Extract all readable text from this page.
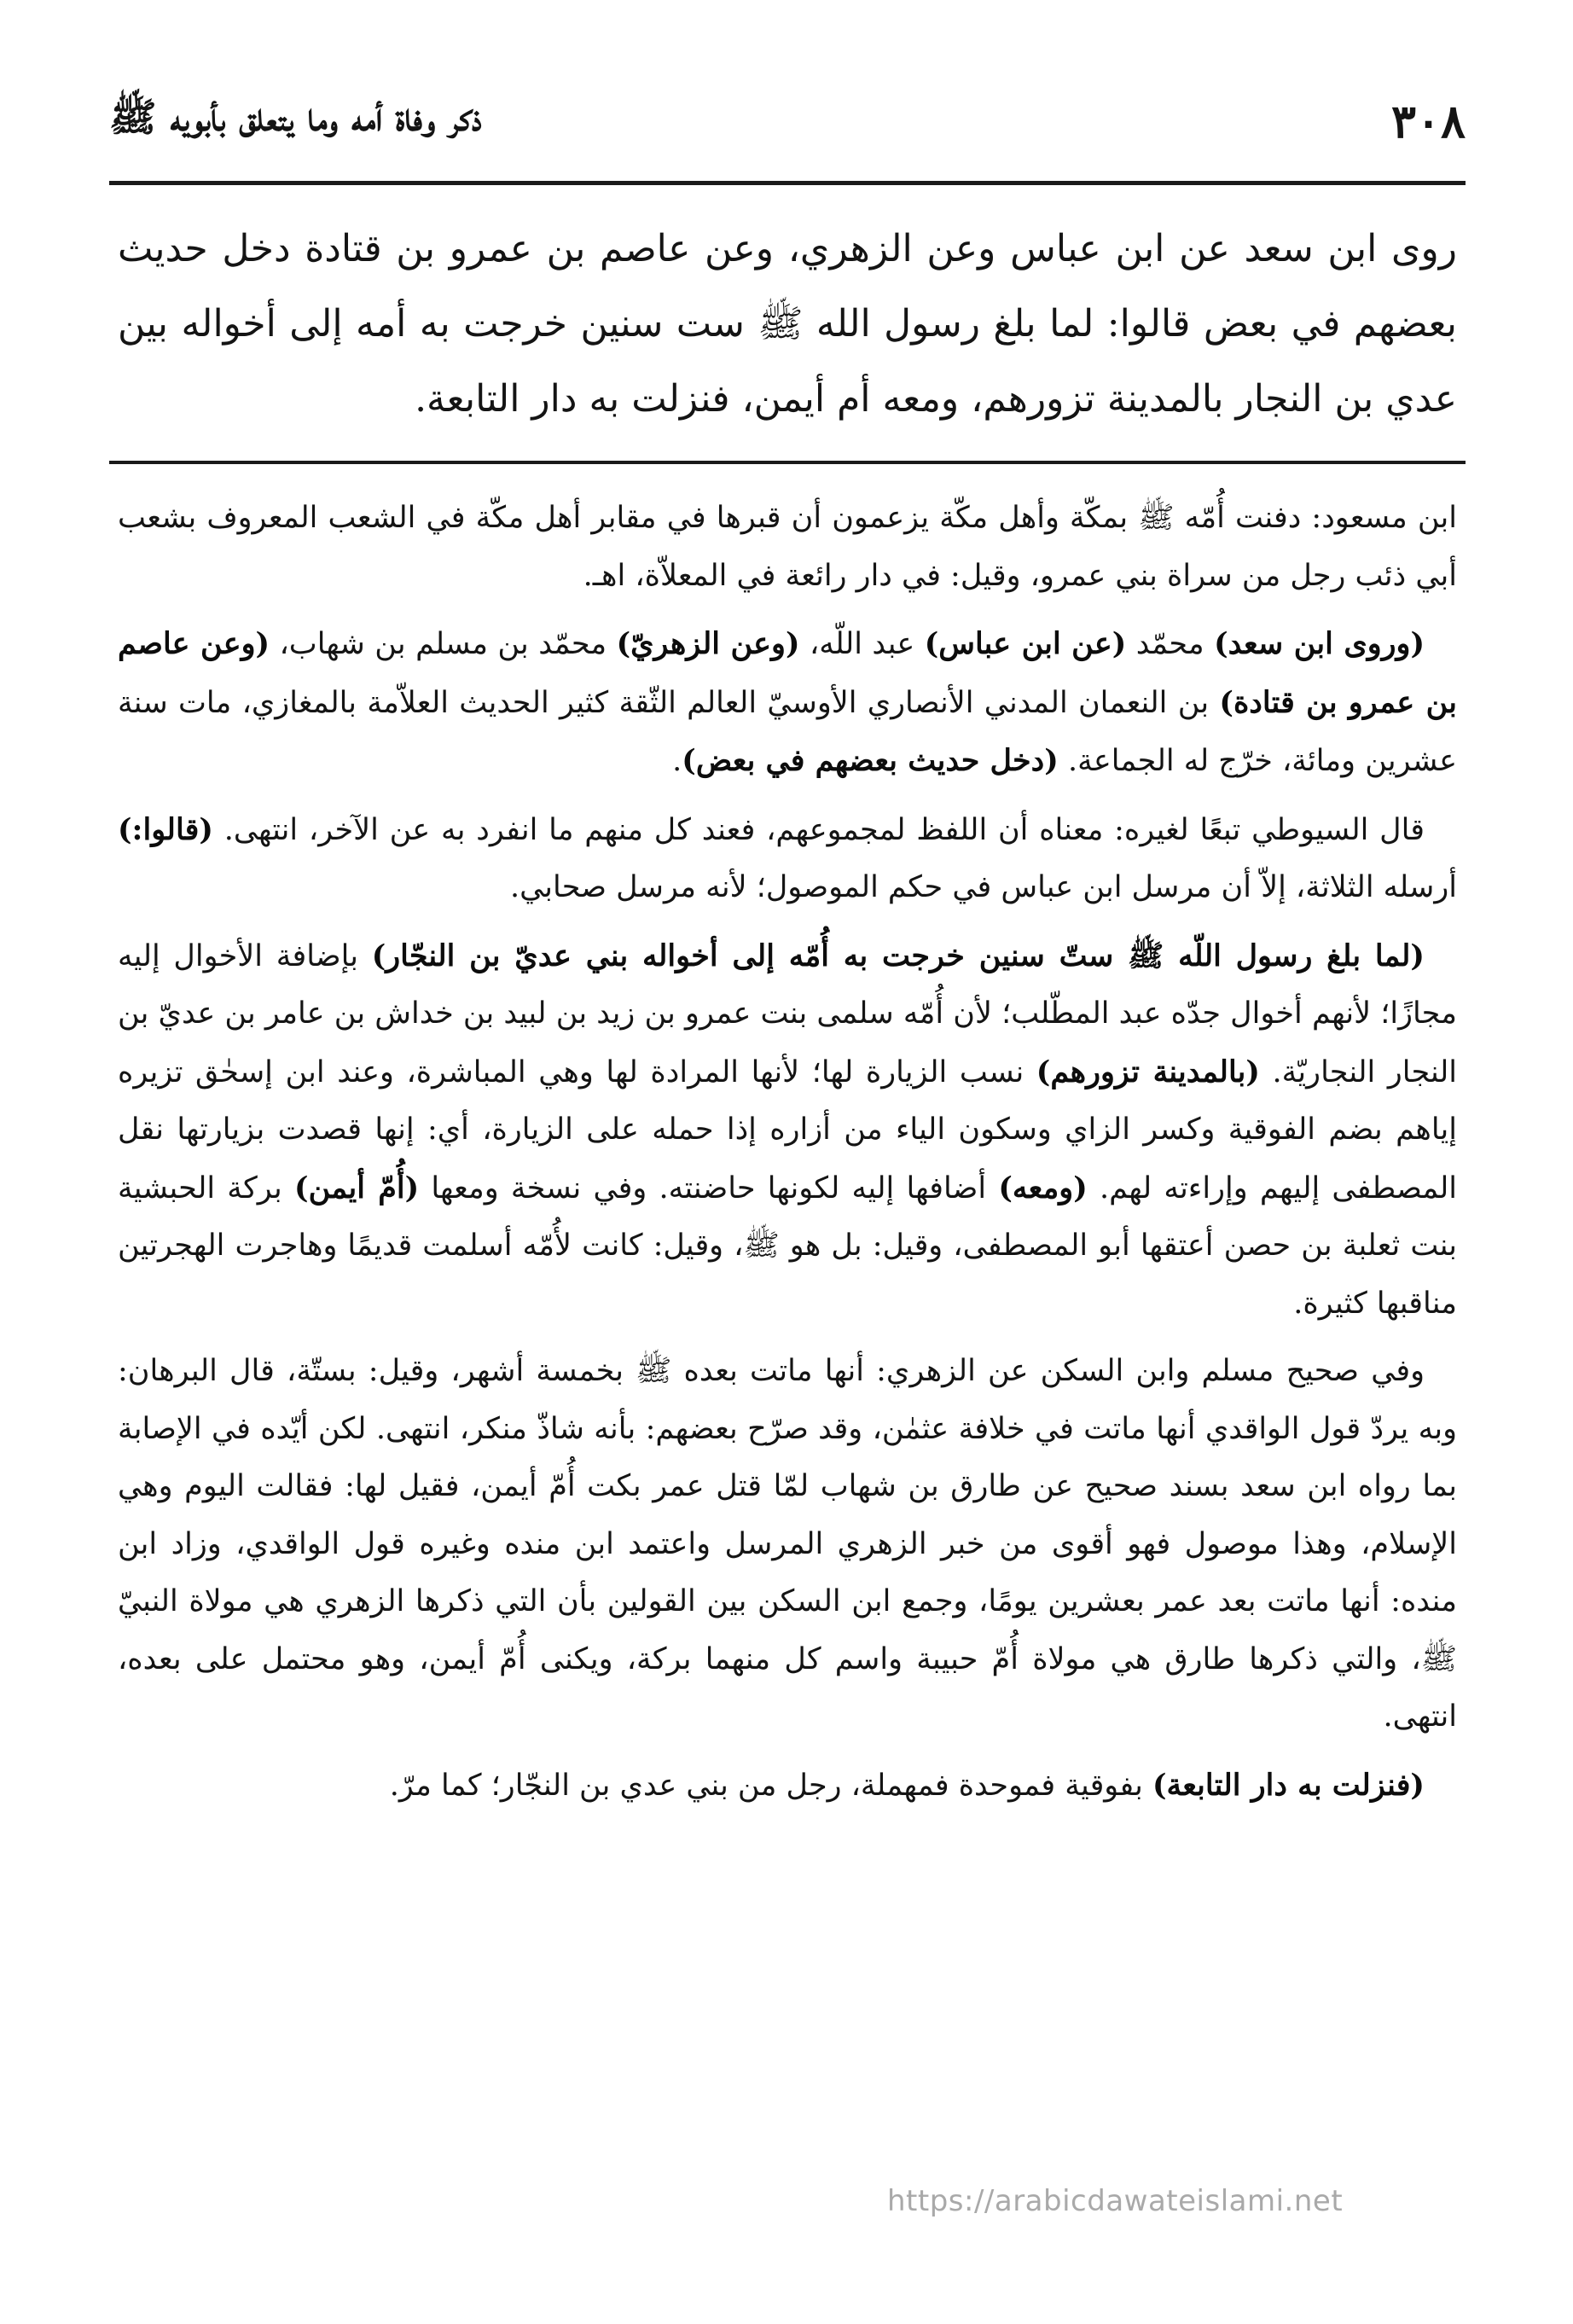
٣٠٨
ذكر وفاة أمه وما يتعلق بأبويه ﷺ

روى ابن سعد عن ابن عباس وعن الزهري، وعن عاصم بن عمرو بن قتادة دخل حديث بعضهم في بعض قالوا: لما بلغ رسول الله ﷺ ست سنين خرجت به أمه إلى أخواله بين عدي بن النجار بالمدينة تزورهم، ومعه أم أيمن، فنزلت به دار التابعة.

ابن مسعود: دفنت أُمّه ﷺ بمكّة وأهل مكّة يزعمون أن قبرها في مقابر أهل مكّة في الشعب المعروف بشعب أبي ذئب رجل من سراة بني عمرو، وقيل: في دار رائعة في المعلاّة، اهـ.

(وروى ابن سعد) محمّد (عن ابن عباس) عبد اللّه، (وعن الزهريّ) محمّد بن مسلم بن شهاب، (وعن عاصم بن عمرو بن قتادة) بن النعمان المدني الأنصاري الأوسيّ العالم الثّقة كثير الحديث العلاّمة بالمغازي، مات سنة عشرين ومائة، خرّج له الجماعة. (دخل حديث بعضهم في بعض).

قال السيوطي تبعًا لغيره: معناه أن اللفظ لمجموعهم، فعند كل منهم ما انفرد به عن الآخر، انتهى. (قالوا:) أرسله الثلاثة، إلاّ أن مرسل ابن عباس في حكم الموصول؛ لأنه مرسل صحابي.

(لما بلغ رسول اللّه ﷺ ستّ سنين خرجت به أُمّه إلى أخواله بني عديّ بن النجّار) بإضافة الأخوال إليه مجازًا؛ لأنهم أخوال جدّه عبد المطّلب؛ لأن أُمّه سلمى بنت عمرو بن زيد بن لبيد بن خداش بن عامر بن عديّ بن النجار النجاريّة. (بالمدينة تزورهم) نسب الزيارة لها؛ لأنها المرادة لها وهي المباشرة، وعند ابن إسحٰق تزيره إياهم بضم الفوقية وكسر الزاي وسكون الياء من أزاره إذا حمله على الزيارة، أي: إنها قصدت بزيارتها نقل المصطفى إليهم وإراءته لهم. (ومعه) أضافها إليه لكونها حاضنته. وفي نسخة ومعها (أُمّ أيمن) بركة الحبشية بنت ثعلبة بن حصن أعتقها أبو المصطفى، وقيل: بل هو ﷺ، وقيل: كانت لأُمّه أسلمت قديمًا وهاجرت الهجرتين مناقبها كثيرة.

وفي صحيح مسلم وابن السكن عن الزهري: أنها ماتت بعده ﷺ بخمسة أشهر، وقيل: بستّة، قال البرهان: وبه يردّ قول الواقدي أنها ماتت في خلافة عثمٰن، وقد صرّح بعضهم: بأنه شاذّ منكر، انتهى. لكن أيّده في الإصابة بما رواه ابن سعد بسند صحيح عن طارق بن شهاب لمّا قتل عمر بكت أُمّ أيمن، فقيل لها: فقالت اليوم وهي الإسلام، وهذا موصول فهو أقوى من خبر الزهري المرسل واعتمد ابن منده وغيره قول الواقدي، وزاد ابن منده: أنها ماتت بعد عمر بعشرين يومًا، وجمع ابن السكن بين القولين بأن التي ذكرها الزهري هي مولاة النبيّ ﷺ، والتي ذكرها طارق هي مولاة أُمّ حبيبة واسم كل منهما بركة، ويكنى أُمّ أيمن، وهو محتمل على بعده، انتهى.

(فنزلت به دار التابعة) بفوقية فموحدة فمهملة، رجل من بني عدي بن النجّار؛ كما مرّ.

https://arabicdawateislami.net
